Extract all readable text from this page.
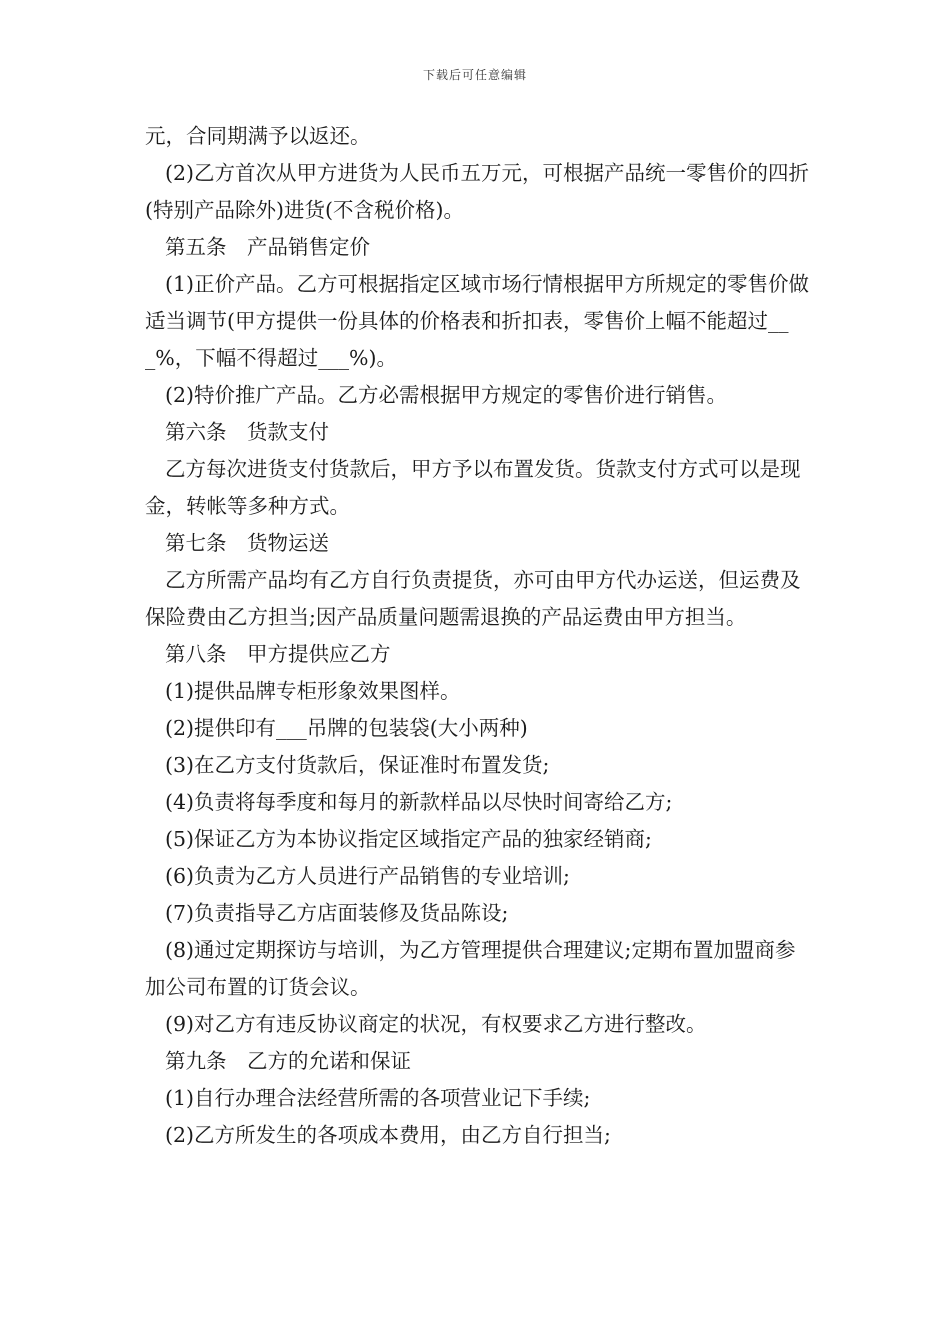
下载后可任意编辑

元，合同期满予以返还。

(2)乙方首次从甲方进货为人民币五万元，可根据产品统一零售价的四折(特别产品除外)进货(不含税价格)。

第五条　产品销售定价

(1)正价产品。乙方可根据指定区域市场行情根据甲方所规定的零售价做适当调节(甲方提供一份具体的价格表和折扣表，零售价上幅不能超过___%，下幅不得超过___%)。

(2)特价推广产品。乙方必需根据甲方规定的零售价进行销售。

第六条　货款支付

乙方每次进货支付货款后，甲方予以布置发货。货款支付方式可以是现金，转帐等多种方式。

第七条　货物运送

乙方所需产品均有乙方自行负责提货，亦可由甲方代办运送，但运费及保险费由乙方担当;因产品质量问题需退换的产品运费由甲方担当。

第八条　甲方提供应乙方

(1)提供品牌专柜形象效果图样。

(2)提供印有___吊牌的包装袋(大小两种)

(3)在乙方支付货款后，保证准时布置发货;

(4)负责将每季度和每月的新款样品以尽快时间寄给乙方;

(5)保证乙方为本协议指定区域指定产品的独家经销商;

(6)负责为乙方人员进行产品销售的专业培训;

(7)负责指导乙方店面装修及货品陈设;

(8)通过定期探访与培训，为乙方管理提供合理建议;定期布置加盟商参加公司布置的订货会议。

(9)对乙方有违反协议商定的状况，有权要求乙方进行整改。

第九条　乙方的允诺和保证

(1)自行办理合法经营所需的各项营业记下手续;

(2)乙方所发生的各项成本费用，由乙方自行担当;
